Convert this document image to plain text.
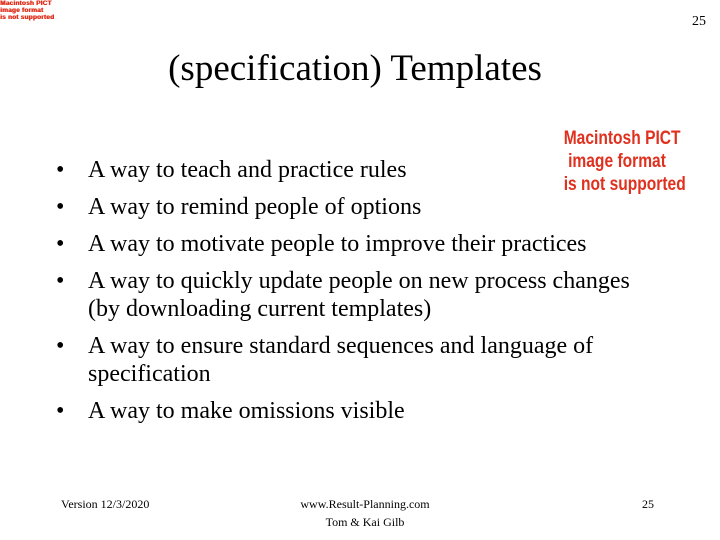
Macintosh PICT
image format
is not supported	25
(specification) Templates
Macintosh PICT
image format
is not supported
• A way to teach and practice rules
• A way to remind people of options
• A way to motivate people to improve their practices
• A way to quickly update people on new process changes (by downloading current templates)
• A way to ensure standard sequences and language of specification
• A way to make omissions visible
Version 12/3/2020	www.Result-Planning.com
Tom & Kai Gilb
25
